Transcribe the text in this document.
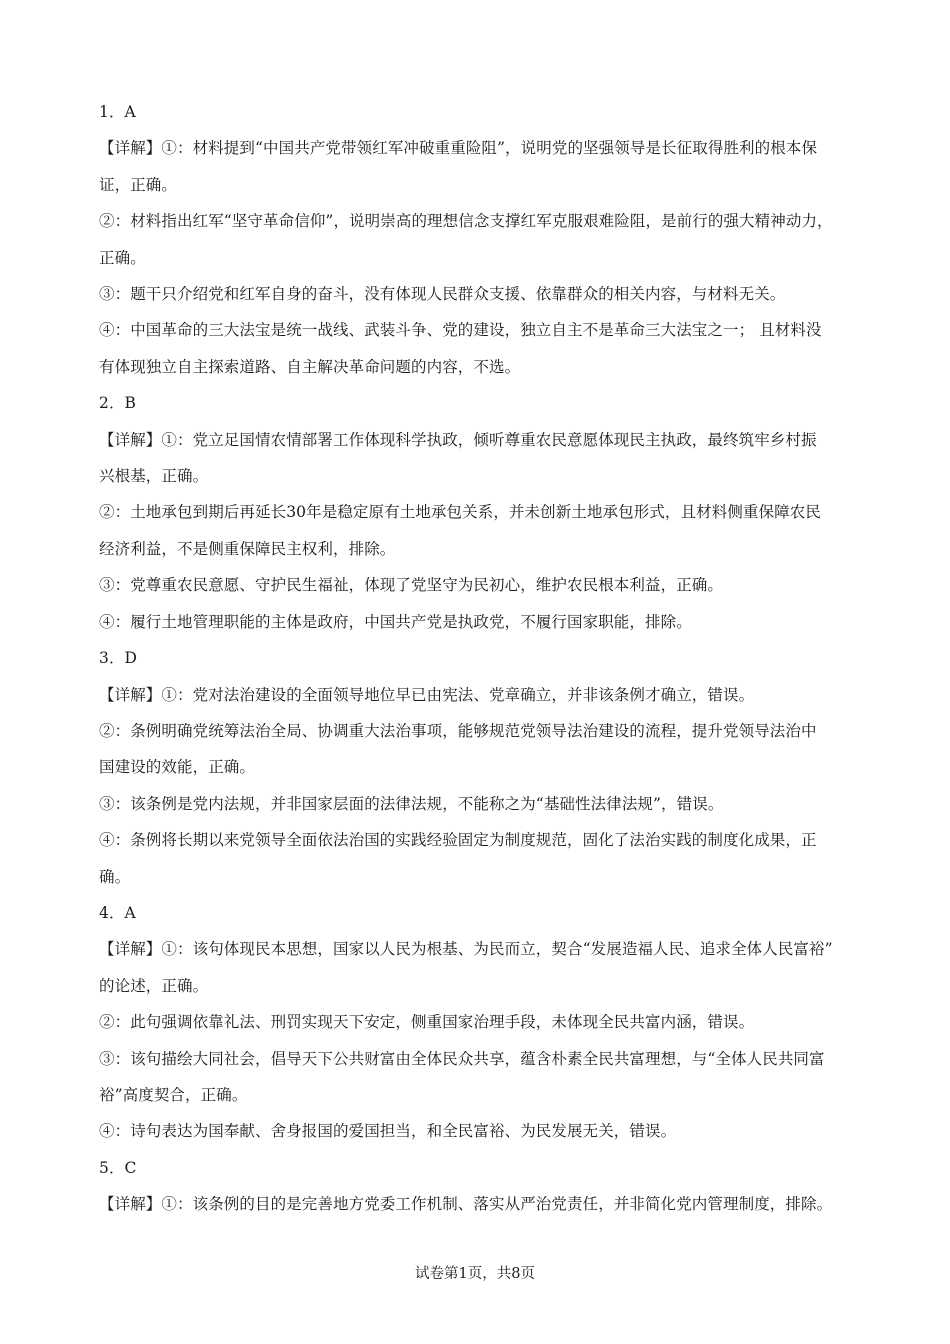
1．A
【详解】①：材料提到“中国共产党带领红军冲破重重险阻”，说明党的坚强领导是长征取得胜利的根本保
证，正确。
②：材料指出红军“坚守革命信仰”，说明崇高的理想信念支撑红军克服艰难险阻，是前行的强大精神动力，
正确。
③：题干只介绍党和红军自身的奋斗，没有体现人民群众支援、依靠群众的相关内容，与材料无关。
④：中国革命的三大法宝是统一战线、武装斗争、党的建设，独立自主不是革命三大法宝之一； 且材料没
有体现独立自主探索道路、自主解决革命问题的内容，不选。
2．B
【详解】①：党立足国情农情部署工作体现科学执政，倾听尊重农民意愿体现民主执政，最终筑牢乡村振
兴根基，正确。
②：土地承包到期后再延长30年是稳定原有土地承包关系，并未创新土地承包形式，且材料侧重保障农民
经济利益，不是侧重保障民主权利，排除。
③：党尊重农民意愿、守护民生福祉，体现了党坚守为民初心，维护农民根本利益，正确。
④：履行土地管理职能的主体是政府，中国共产党是执政党，不履行国家职能，排除。
3．D
【详解】①：党对法治建设的全面领导地位早已由宪法、党章确立，并非该条例才确立，错误。
②：条例明确党统筹法治全局、协调重大法治事项，能够规范党领导法治建设的流程，提升党领导法治中
国建设的效能，正确。
③：该条例是党内法规，并非国家层面的法律法规，不能称之为“基础性法律法规”，错误。
④：条例将长期以来党领导全面依法治国的实践经验固定为制度规范，固化了法治实践的制度化成果，正
确。
4．A
【详解】①：该句体现民本思想，国家以人民为根基、为民而立，契合“发展造福人民、追求全体人民富裕”
的论述，正确。
②：此句强调依靠礼法、刑罚实现天下安定，侧重国家治理手段，未体现全民共富内涵，错误。
③：该句描绘大同社会，倡导天下公共财富由全体民众共享，蕴含朴素全民共富理想，与“全体人民共同富
裕”高度契合，正确。
④：诗句表达为国奉献、舍身报国的爱国担当，和全民富裕、为民发展无关，错误。
5．C
【详解】①：该条例的目的是完善地方党委工作机制、落实从严治党责任，并非简化党内管理制度，排除。
试卷第1页，共8页
